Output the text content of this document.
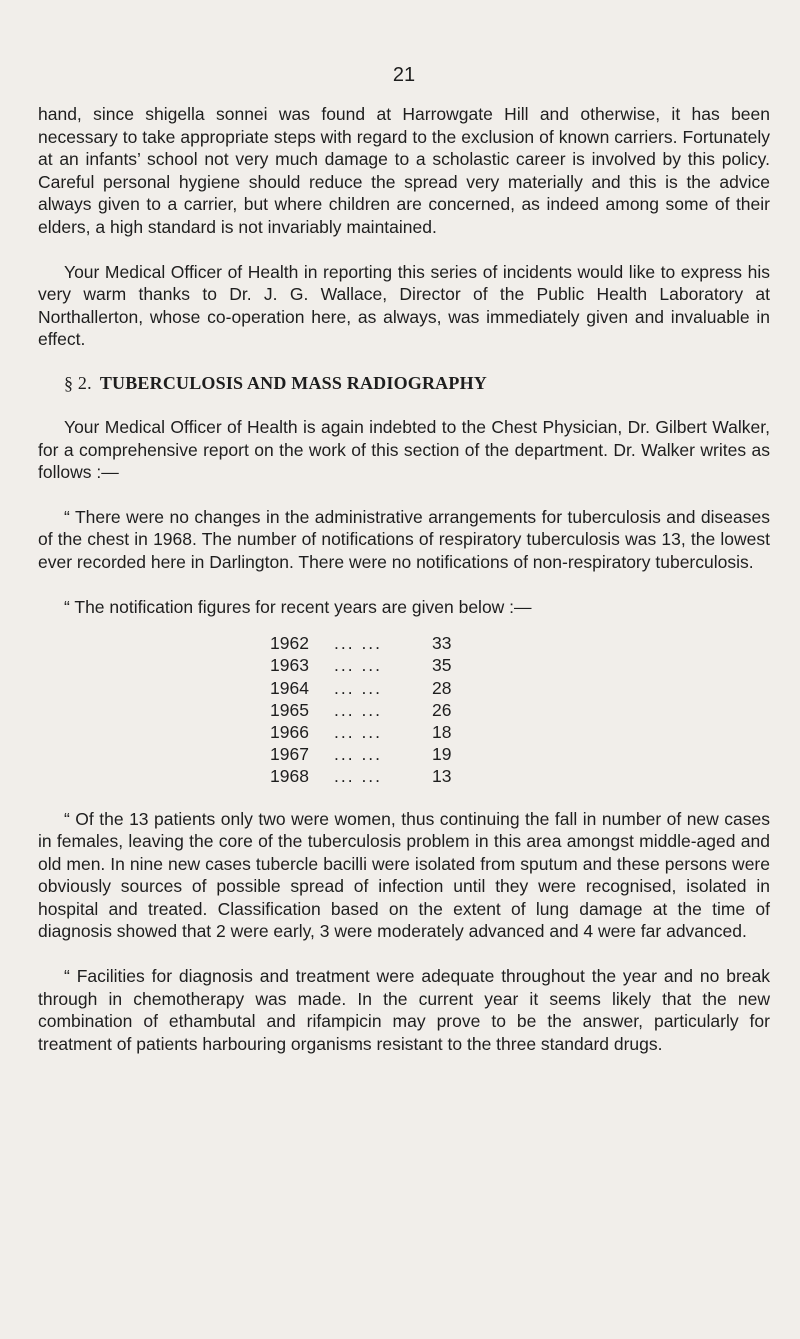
21

hand, since shigella sonnei was found at Harrowgate Hill and otherwise, it has been necessary to take appropriate steps with regard to the exclusion of known carriers. Fortunately at an infants’ school not very much damage to a scholastic career is involved by this policy. Careful personal hygiene should reduce the spread very materially and this is the advice always given to a carrier, but where children are concerned, as indeed among some of their elders, a high standard is not invariably maintained.

Your Medical Officer of Health in reporting this series of incidents would like to express his very warm thanks to Dr. J. G. Wallace, Director of the Public Health Laboratory at Northallerton, whose co-operation here, as always, was immediately given and invaluable in effect.

§ 2. TUBERCULOSIS AND MASS RADIOGRAPHY

Your Medical Officer of Health is again indebted to the Chest Physician, Dr. Gilbert Walker, for a comprehensive report on the work of this section of the department. Dr. Walker writes as follows :—

“ There were no changes in the administrative arrangements for tuberculosis and diseases of the chest in 1968. The number of notifications of respiratory tuberculosis was 13, the lowest ever recorded here in Darlington. There were no notifications of non-respiratory tuberculosis.

“ The notification figures for recent years are given below :—

1962	... ...	33
1963	... ...	35
1964	... ...	28
1965	... ...	26
1966	... ...	18
1967	... ...	19
1968	... ...	13

“ Of the 13 patients only two were women, thus continuing the fall in number of new cases in females, leaving the core of the tuberculosis problem in this area amongst middle-aged and old men. In nine new cases tubercle bacilli were isolated from sputum and these persons were obviously sources of possible spread of infection until they were recognised, isolated in hospital and treated. Classification based on the extent of lung damage at the time of diagnosis showed that 2 were early, 3 were moderately advanced and 4 were far advanced.

“ Facilities for diagnosis and treatment were adequate throughout the year and no break through in chemotherapy was made. In the current year it seems likely that the new combination of ethambutal and rifampicin may prove to be the answer, particularly for treatment of patients harbouring organisms resistant to the three standard drugs.
